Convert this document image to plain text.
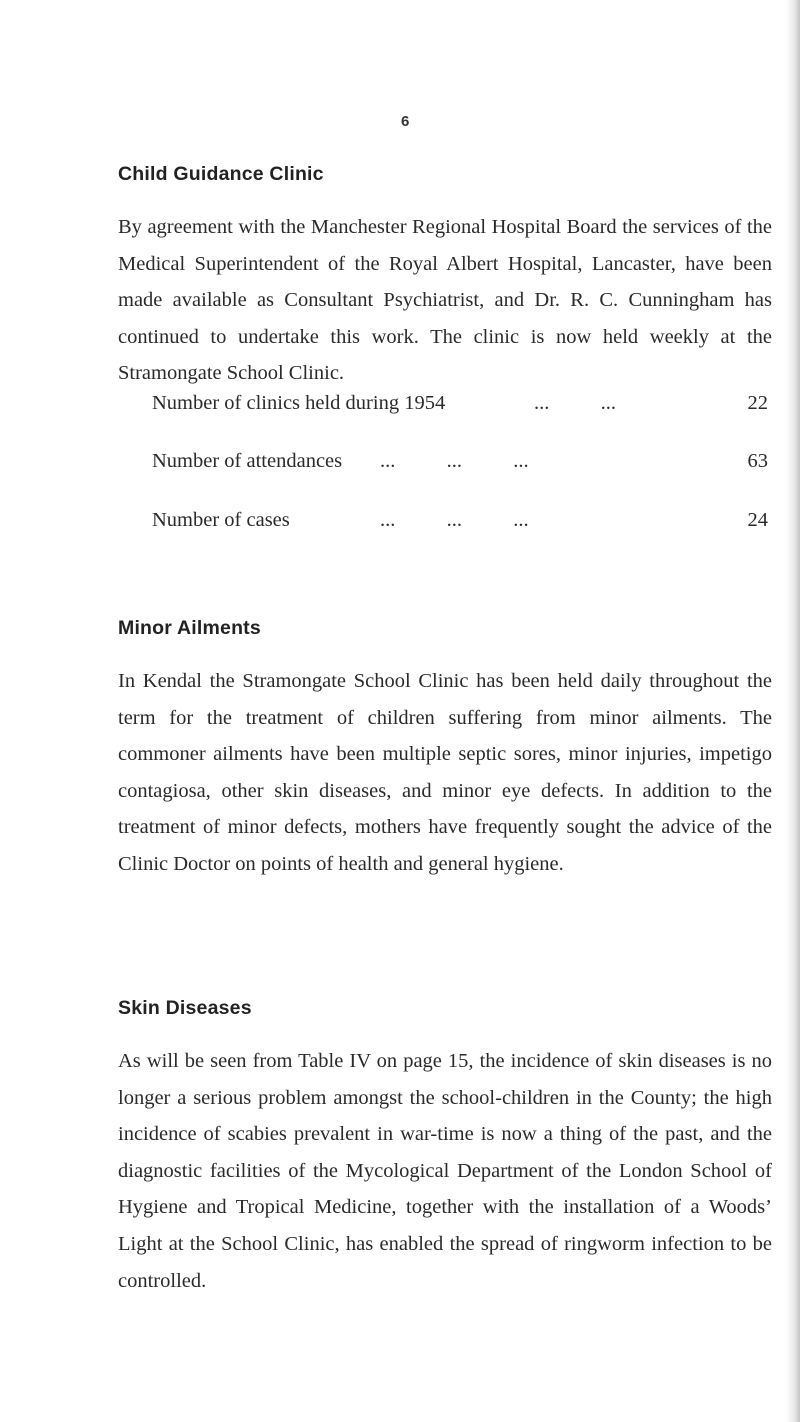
6
Child Guidance Clinic

By agreement with the Manchester Regional Hospital Board the services of the Medical Superintendent of the Royal Albert Hospital, Lancaster, have been made available as Consultant Psychiatrist, and Dr. R. C. Cunningham has continued to undertake this work. The clinic is now held weekly at the Stramongate School Clinic.

Number of clinics held during 1954	...          ...	22
Number of attendances ...          ...          ...	63
Number of cases	...          ...          ...	24
Minor Ailments

In Kendal the Stramongate School Clinic has been held daily throughout the term for the treatment of children suffering from minor ailments. The commoner ailments have been multiple septic sores, minor injuries, impetigo contagiosa, other skin diseases, and minor eye defects. In addition to the treatment of minor defects, mothers have frequently sought the advice of the Clinic Doctor on points of health and general hygiene.

Skin Diseases

As will be seen from Table IV on page 15, the incidence of skin diseases is no longer a serious problem amongst the school-children in the County; the high incidence of scabies prevalent in war-time is now a thing of the past, and the diagnostic facilities of the Mycological Department of the London School of Hygiene and Tropical Medicine, together with the installation of a Woods’ Light at the School Clinic, has enabled the spread of ringworm infection to be controlled.
